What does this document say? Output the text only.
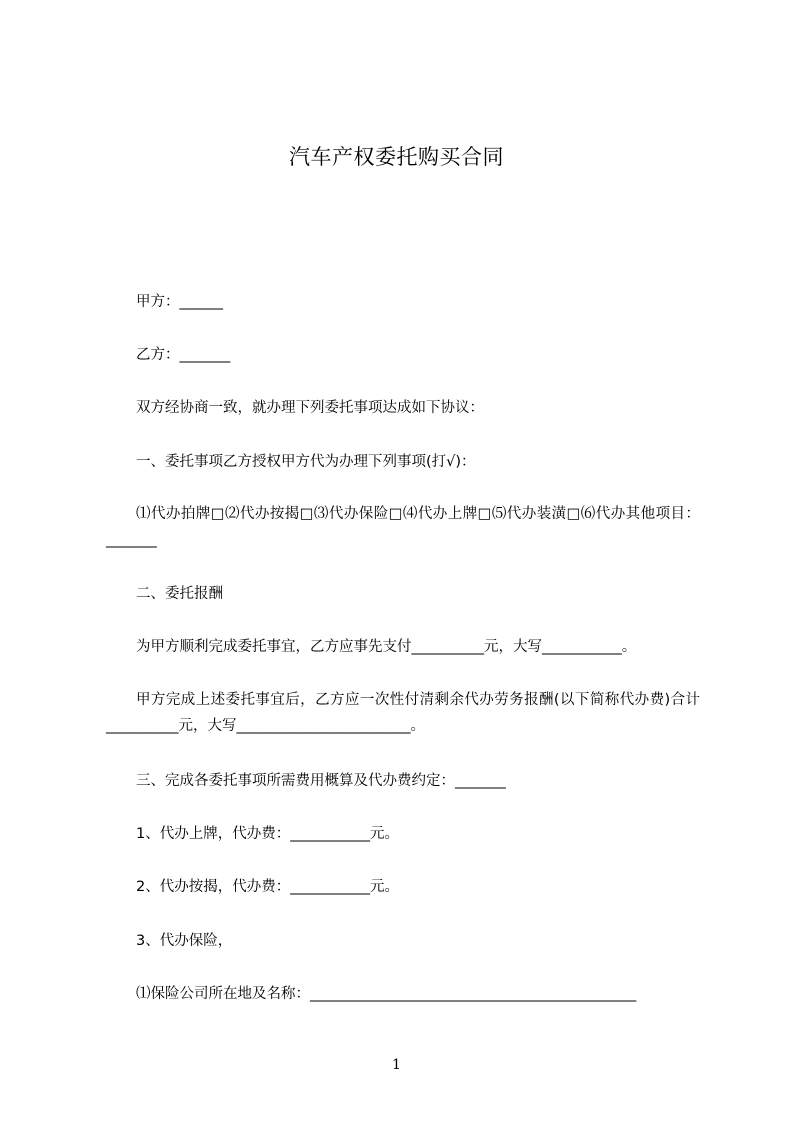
汽车产权委托购买合同
甲方：______
乙方：_______
双方经协商一致，就办理下列委托事项达成如下协议：
一、委托事项乙方授权甲方代为办理下列事项(打√)：
⑴代办拍牌□⑵代办按揭□⑶代办保险□⑷代办上牌□⑸代办装潢□⑹代办其他项目：_______
二、委托报酬
为甲方顺利完成委托事宜，乙方应事先支付__________元，大写___________。
甲方完成上述委托事宜后，乙方应一次性付清剩余代办劳务报酬(以下简称代办费)合计__________元，大写________________________。
三、完成各委托事项所需费用概算及代办费约定：_______
1、代办上牌，代办费：___________元。
2、代办按揭，代办费：___________元。
3、代办保险，
⑴保险公司所在地及名称：_____________________________________________
1
